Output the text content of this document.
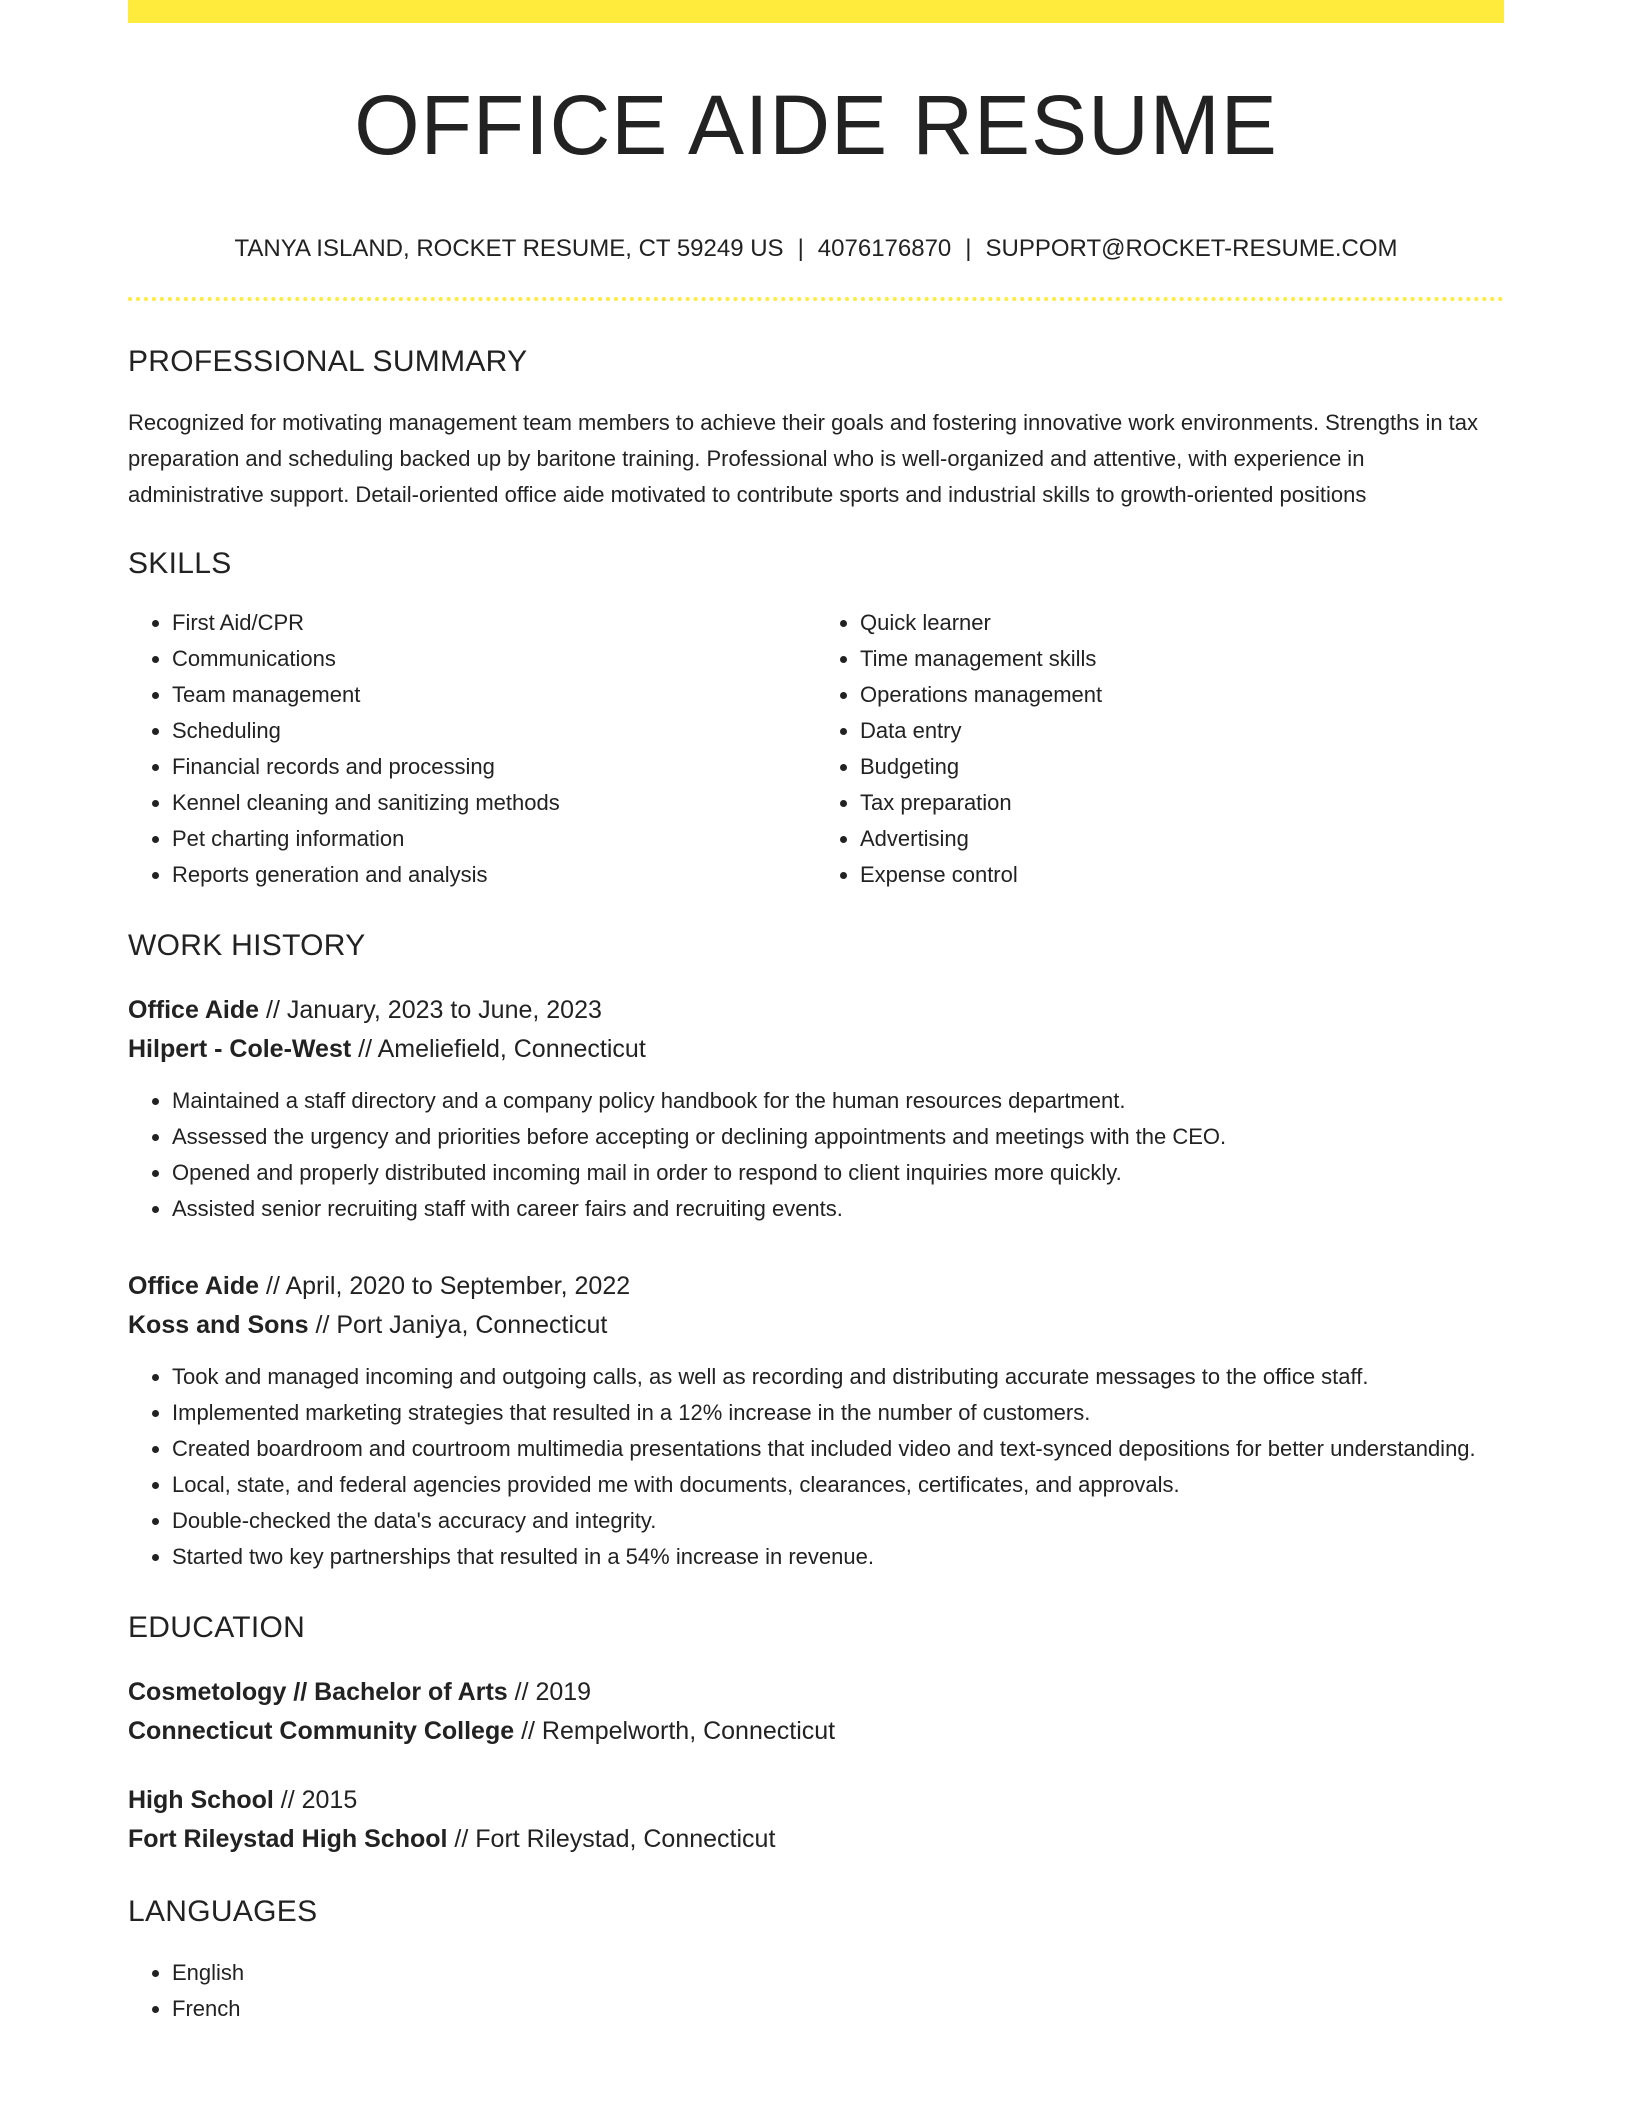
OFFICE AIDE RESUME
TANYA ISLAND, ROCKET RESUME, CT 59249 US | 4076176870 | SUPPORT@ROCKET-RESUME.COM
PROFESSIONAL SUMMARY

Recognized for motivating management team members to achieve their goals and fostering innovative work environments. Strengths in tax preparation and scheduling backed up by baritone training. Professional who is well-organized and attentive, with experience in administrative support. Detail-oriented office aide motivated to contribute sports and industrial skills to growth-oriented positions

SKILLS
• First Aid/CPR
• Communications
• Team management
• Scheduling
• Financial records and processing
• Kennel cleaning and sanitizing methods
• Pet charting information
• Reports generation and analysis
• Quick learner
• Time management skills
• Operations management
• Data entry
• Budgeting
• Tax preparation
• Advertising
• Expense control
WORK HISTORY
Office Aide // January, 2023 to June, 2023
Hilpert - Cole-West // Ameliefield, Connecticut
• Maintained a staff directory and a company policy handbook for the human resources department.
• Assessed the urgency and priorities before accepting or declining appointments and meetings with the CEO.
• Opened and properly distributed incoming mail in order to respond to client inquiries more quickly.
• Assisted senior recruiting staff with career fairs and recruiting events.
Office Aide // April, 2020 to September, 2022
Koss and Sons // Port Janiya, Connecticut
• Took and managed incoming and outgoing calls, as well as recording and distributing accurate messages to the office staff.
• Implemented marketing strategies that resulted in a 12% increase in the number of customers.
• Created boardroom and courtroom multimedia presentations that included video and text-synced depositions for better understanding.
• Local, state, and federal agencies provided me with documents, clearances, certificates, and approvals.
• Double-checked the data's accuracy and integrity.
• Started two key partnerships that resulted in a 54% increase in revenue.
EDUCATION
Cosmetology // Bachelor of Arts // 2019
Connecticut Community College // Rempelworth, Connecticut
High School // 2015
Fort Rileystad High School // Fort Rileystad, Connecticut
LANGUAGES
• English
• French
